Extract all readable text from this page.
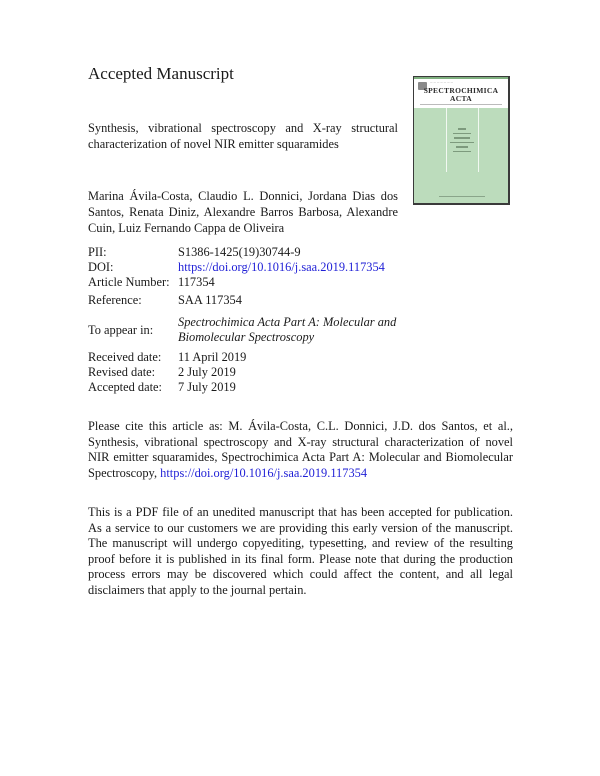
Accepted Manuscript
Synthesis, vibrational spectroscopy and X-ray structural
characterization of novel NIR emitter squaramides
— — — — — — —
SPECTROCHIMICA
ACTA
Marina Ávila-Costa, Claudio L. Donnici, Jordana Dias dos Santos, Renata Diniz, Alexandre Barros Barbosa, Alexandre Cuin, Luiz Fernando Cappa de Oliveira
PII:	S1386-1425(19)30744-9
DOI:	https://doi.org/10.1016/j.saa.2019.117354
Article Number: 117354
Reference:	SAA 117354
To appear in:
Spectrochimica Acta Part A: Molecular and Biomolecular Spectroscopy
Received date:	11 April 2019
Revised date:	2 July 2019
Accepted date:	7 July 2019
Please cite this article as: M. Ávila-Costa, C.L. Donnici, J.D. dos Santos, et al., Synthesis, vibrational spectroscopy and X-ray structural characterization of novel NIR emitter squaramides, Spectrochimica Acta Part A: Molecular and Biomolecular Spectroscopy, https://doi.org/10.1016/j.saa.2019.117354
This is a PDF file of an unedited manuscript that has been accepted for publication. As a service to our customers we are providing this early version of the manuscript. The manuscript will undergo copyediting, typesetting, and review of the resulting proof before it is published in its final form. Please note that during the production process errors may be discovered which could affect the content, and all legal disclaimers that apply to the journal pertain.
